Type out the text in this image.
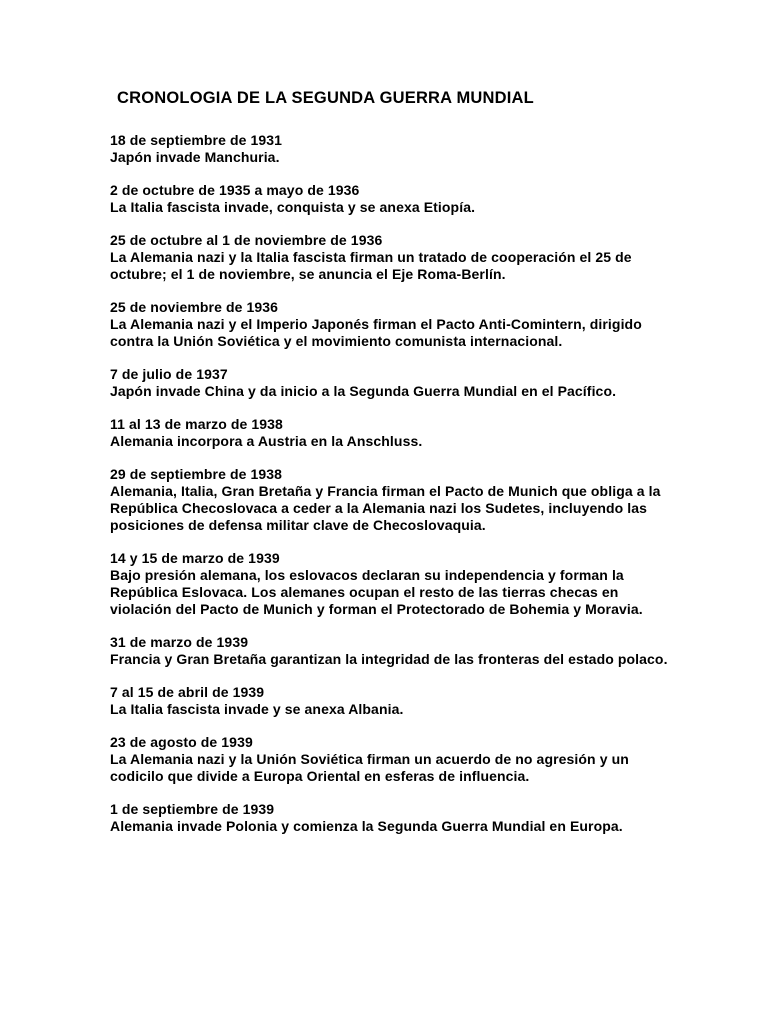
CRONOLOGIA DE LA SEGUNDA GUERRA MUNDIAL
18 de septiembre de 1931
Japón invade Manchuria.
2 de octubre de 1935 a mayo de 1936
La Italia fascista invade, conquista y se anexa Etiopía.
25 de octubre al 1 de noviembre de 1936
La Alemania nazi y la Italia fascista firman un tratado de cooperación el 25 de octubre; el 1 de noviembre, se anuncia el Eje Roma-Berlín.
25 de noviembre de 1936
La Alemania nazi y el Imperio Japonés firman el Pacto Anti-Comintern, dirigido contra la Unión Soviética y el movimiento comunista internacional.
7 de julio de 1937
Japón invade China y da inicio a la Segunda Guerra Mundial en el Pacífico.
11 al 13 de marzo de 1938
Alemania incorpora a Austria en la Anschluss.
29 de septiembre de 1938
Alemania, Italia, Gran Bretaña y Francia firman el Pacto de Munich que obliga a la República Checoslovaca a ceder a la Alemania nazi los Sudetes, incluyendo las posiciones de defensa militar clave de Checoslovaquia.
14 y 15 de marzo de 1939
Bajo presión alemana, los eslovacos declaran su independencia y forman la República Eslovaca. Los alemanes ocupan el resto de las tierras checas en violación del Pacto de Munich y forman el Protectorado de Bohemia y Moravia.
31 de marzo de 1939
Francia y Gran Bretaña garantizan la integridad de las fronteras del estado polaco.
7 al 15 de abril de 1939
La Italia fascista invade y se anexa Albania.
23 de agosto de 1939
La Alemania nazi y la Unión Soviética firman un acuerdo de no agresión y un codicilo que divide a Europa Oriental en esferas de influencia.
1 de septiembre de 1939
Alemania invade Polonia y comienza la Segunda Guerra Mundial en Europa.
